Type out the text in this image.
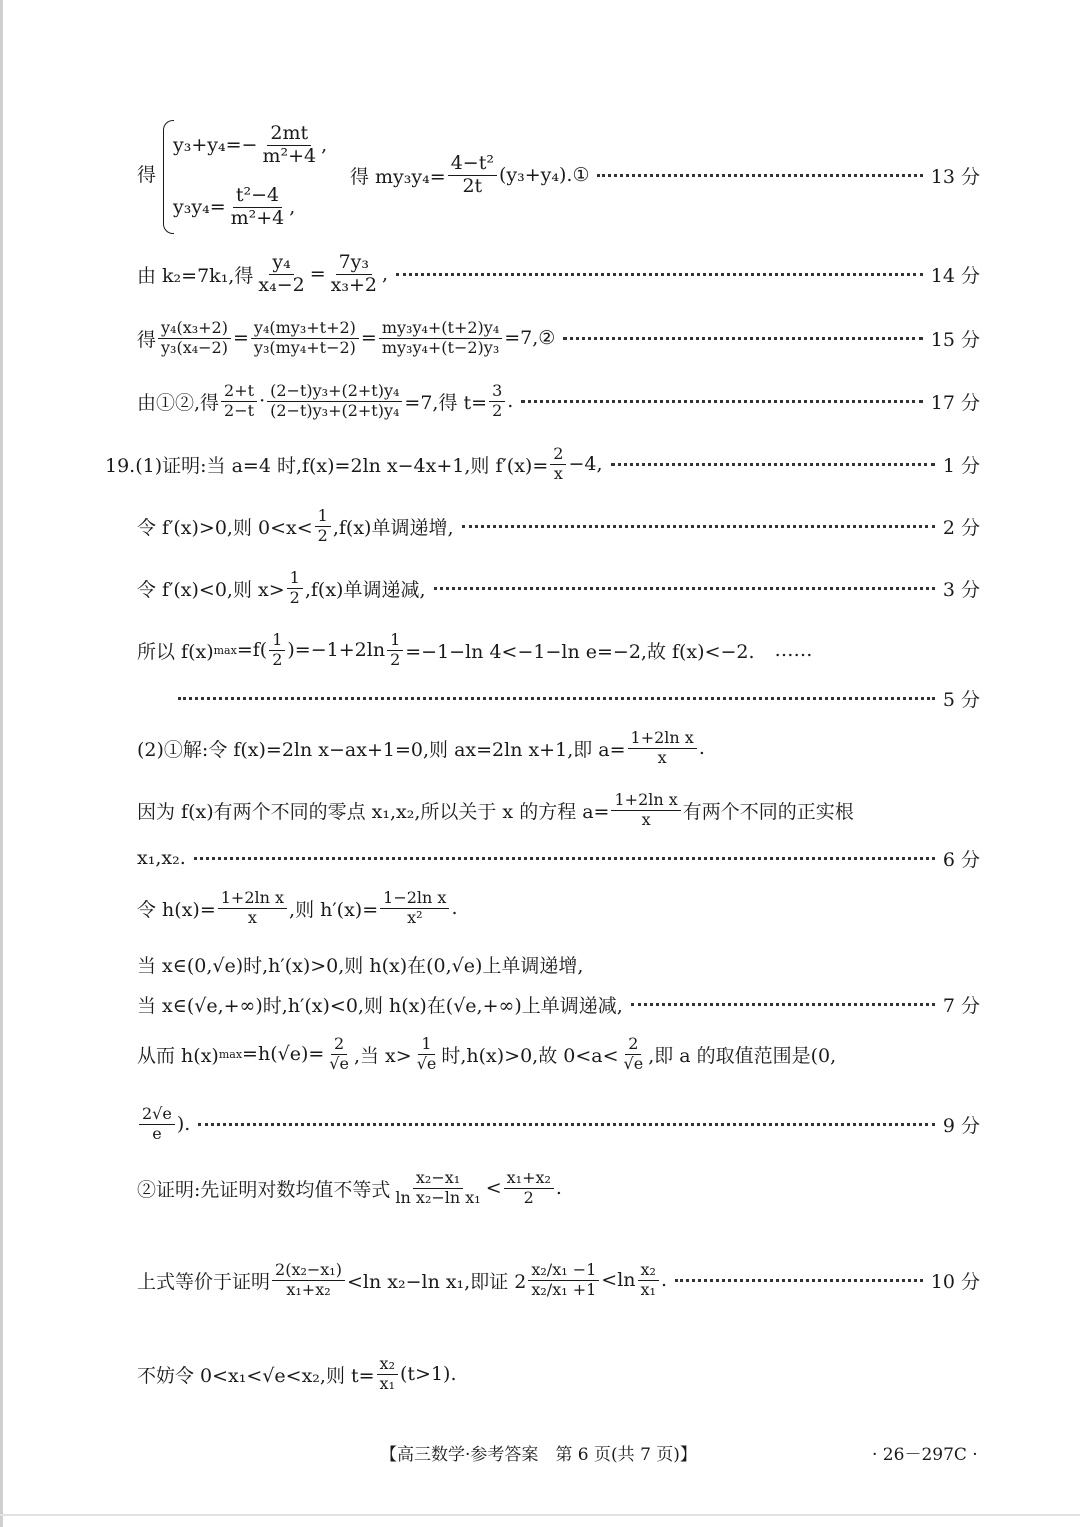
得
$y_3+y_4=- \frac{2mt}{\text{m²+4}}$ ,
$y_3y_4= \frac{\text{t²−4}}{\text{m²+4}}$ ,
得 $my_3y_4= \frac{\text{4−t²}}{2t}$ (y₃+y₄).①	13 分
由 k₂=7k₁,得 $\frac{\text{y₄}}{\text{x₄−2}} = \frac{\text{7y₃}}{\text{x₃+2}}$ ,	14 分
得 $\frac{\text{y₄(x₃+2)}}{\text{y₃(x₄−2)}} = \frac{\text{y₄(my₃+t+2)}}{\text{y₃(my₄+t−2)}} = \frac{\text{my₃y₄+(t+2)y₄}}{\text{my₃y₄+(t−2)y₃}}$ =7,②	15 分
由①②,得 $\frac{2+t}{2-t} \cdot \frac{\text{(2−t)y₃+(2+t)y₄}}{\text{(2−t)y₃+(2+t)y₄}} =7$,得 $t= \frac{3}{2}$ .	17 分
19.(1)证明:当 a=4 时,f(x)=2ln x−4x+1,则 $f'(x)= \frac{2}{x} -4$,	1 分
令 f′(x)>0,则 $0<x< \frac{1}{2} ,f(x)$单调递增,	2 分
令 f′(x)<0,则 $x> \frac{1}{2} ,f(x)$单调递减,	3 分
所以 f(x) $\max =f( \frac{1}{2} )=-1+2\ln \frac{1}{2} =-1-\ln$ 4<−1−ln e=−2,故 f(x)<−2. ……
5 分
(2)①解:令 f(x)=2ln x−ax+1=0,则 ax=2ln x+1,即 $a= \frac{\text{1+2ln x}}{x}$ .
因为 f(x)有两个不同的零点 x₁,x₂,所以关于 x 的方程 $a= \frac{\text{1+2ln x}}{x}$ 有两个不同的正实根
x₁,x₂.	6 分
令 $h(x)= \frac{\text{1+2ln x}}{x}$ ,则 $h'(x)= \frac{\text{1−2ln x}}{\text{x²}}$ .
当 x∈(0,√e)时,h′(x)>0,则 h(x)在(0,√e)上单调递增,
当 x∈(√e,+∞)时,h′(x)<0,则 h(x)在(√e,+∞)上单调递减,	7 分
从而 h(x) $\max =h(√e)= \frac{2}{√e}$ ,当 $x> \frac{1}{√e}$ 时,h(x)>0,故 $0<a< \frac{2}{√e}$ ,即 a 的取值范围是(0,
$\frac{2√e}{e}$ ).	9 分
②证明:先证明对数均值不等式 $\frac{\text{x₂−x₁}}{\text{ln x₂−ln x₁}} < \frac{\text{x₁+x₂}}{2}$ .
上式等价于证明 $\frac{\text{2(x₂−x₁)}}{\text{x₁+x₂}} <\ln$ x₂−ln x₁,即证 $2 \frac{\text{x₂/x₁ −1}}{\text{x₂/x₁ +1}} <\ln \frac{\text{x₂}}{\text{x₁}}$ .	10 分
不妨令 0<x₁<√e<x₂,则 $t= \frac{\text{x₂}}{\text{x₁}} (t>1)$.
【高三数学·参考答案　第 6 页(共 7 页)】	· 26－297C ·
